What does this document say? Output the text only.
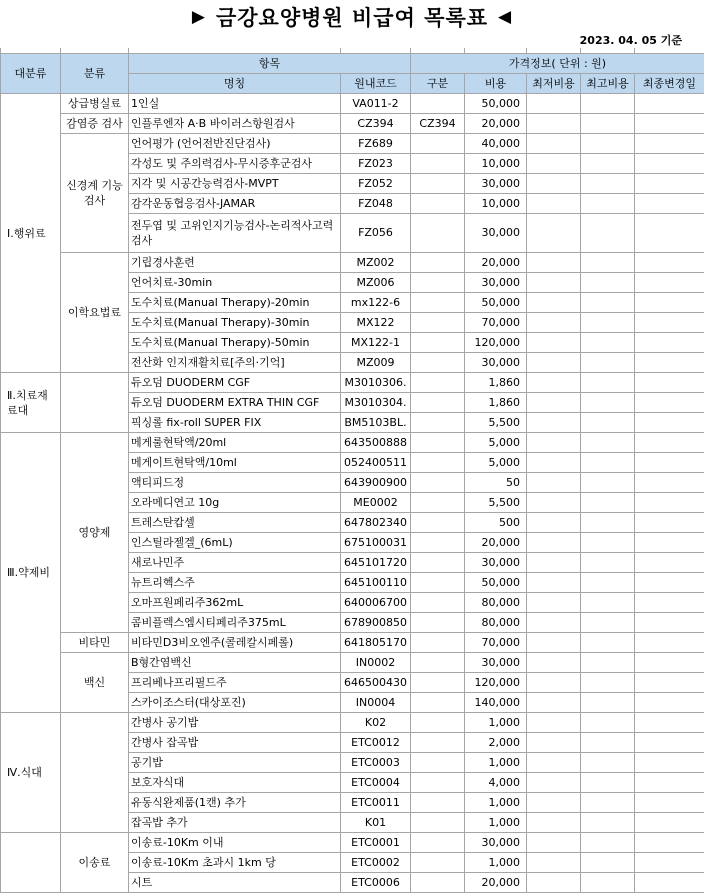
▶ 금강요양병원 비급여 목록표 ◀
2023. 04. 05 기준

대분류	분류	항목		가격정보( 단위 : 원)				
		명칭	원내코드	구분	비용	최저비용	최고비용	최종변경일
Ⅰ.행위료	상급병실료	1인실	VA011-2		50,000			
	감염증 검사	인플루엔자 A·B 바이러스항원검사	CZ394	CZ394	20,000			
	신경계 기능검사	언어평가 (언어전반진단검사)	FZ689		40,000			
		각성도 및 주의력검사-무시증후군검사	FZ023		10,000			
		지각 및 시공간능력검사-MVPT	FZ052		30,000			
		감각운동협응검사-JAMAR	FZ048		10,000			
		전두엽 및 고위인지기능검사-논리적사고력검사	FZ056		30,000			
	이학요법료	기립경사훈련	MZ002		20,000			
		언어치료-30min	MZ006		30,000			
		도수치료(Manual Therapy)-20min	mx122-6		50,000			
		도수치료(Manual Therapy)-30min	MX122		70,000			
		도수치료(Manual Therapy)-50min	MX122-1		120,000			
		전산화 인지재활치료[주의·기억]	MZ009		30,000			
Ⅱ.치료재료대		듀오덤 DUODERM CGF	M3010306.		1,860			
		듀오덤 DUODERM EXTRA THIN CGF	M3010304.		1,860			
		픽싱롤 fix-roll SUPER FIX	BM5103BL.		5,500			
Ⅲ.약제비	영양제	메게룰현탁액/20ml	643500888		5,000			
		메게이트현탁액/10ml	052400511		5,000			
		액티피드정	643900900		50			
		오라메디연고 10g	ME0002		5,500			
		트레스탄캅셀	647802340		500			
		인스틸라젤겔_(6mL)	675100031		20,000			
		새로나민주	645101720		30,000			
		뉴트리헥스주	645100110		50,000			
		오마프원페리주362mL	640006700		80,000			
		콤비플렉스엠시티페리주375mL	678900850		80,000			
	비타민	비타민D3비오엔주(콜레칼시페롤)	641805170		70,000			
	백신	B형간염백신	IN0002		30,000			
		프리베나프리필드주	646500430		120,000			
		스카이조스터(대상포진)	IN0004		140,000			
Ⅳ.식대		간병사 공기밥	K02		1,000			
		간병사 잡곡밥	ETC0012		2,000			
		공기밥	ETC0003		1,000			
		보호자식대	ETC0004		4,000			
		유동식완제품(1캔) 추가	ETC0011		1,000			
		잡곡밥 추가	K01		1,000			
	이송료	이송료-10Km 이내	ETC0001		30,000			
		이송료-10Km 초과시 1km 당	ETC0002		1,000			
		시트	ETC0006		20,000			
